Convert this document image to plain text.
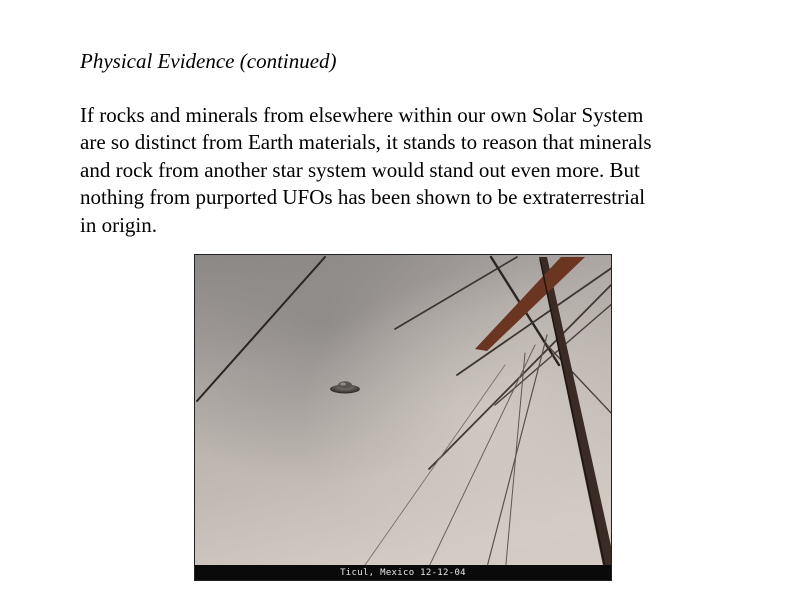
Physical Evidence (continued)
If rocks and minerals from elsewhere within our own Solar System
are so distinct from Earth materials, it stands to reason that minerals
and rock from another star system would stand out even more. But
nothing from purported UFOs has been shown to be extraterrestrial
in origin.
Ticul, Mexico 12-12-04
